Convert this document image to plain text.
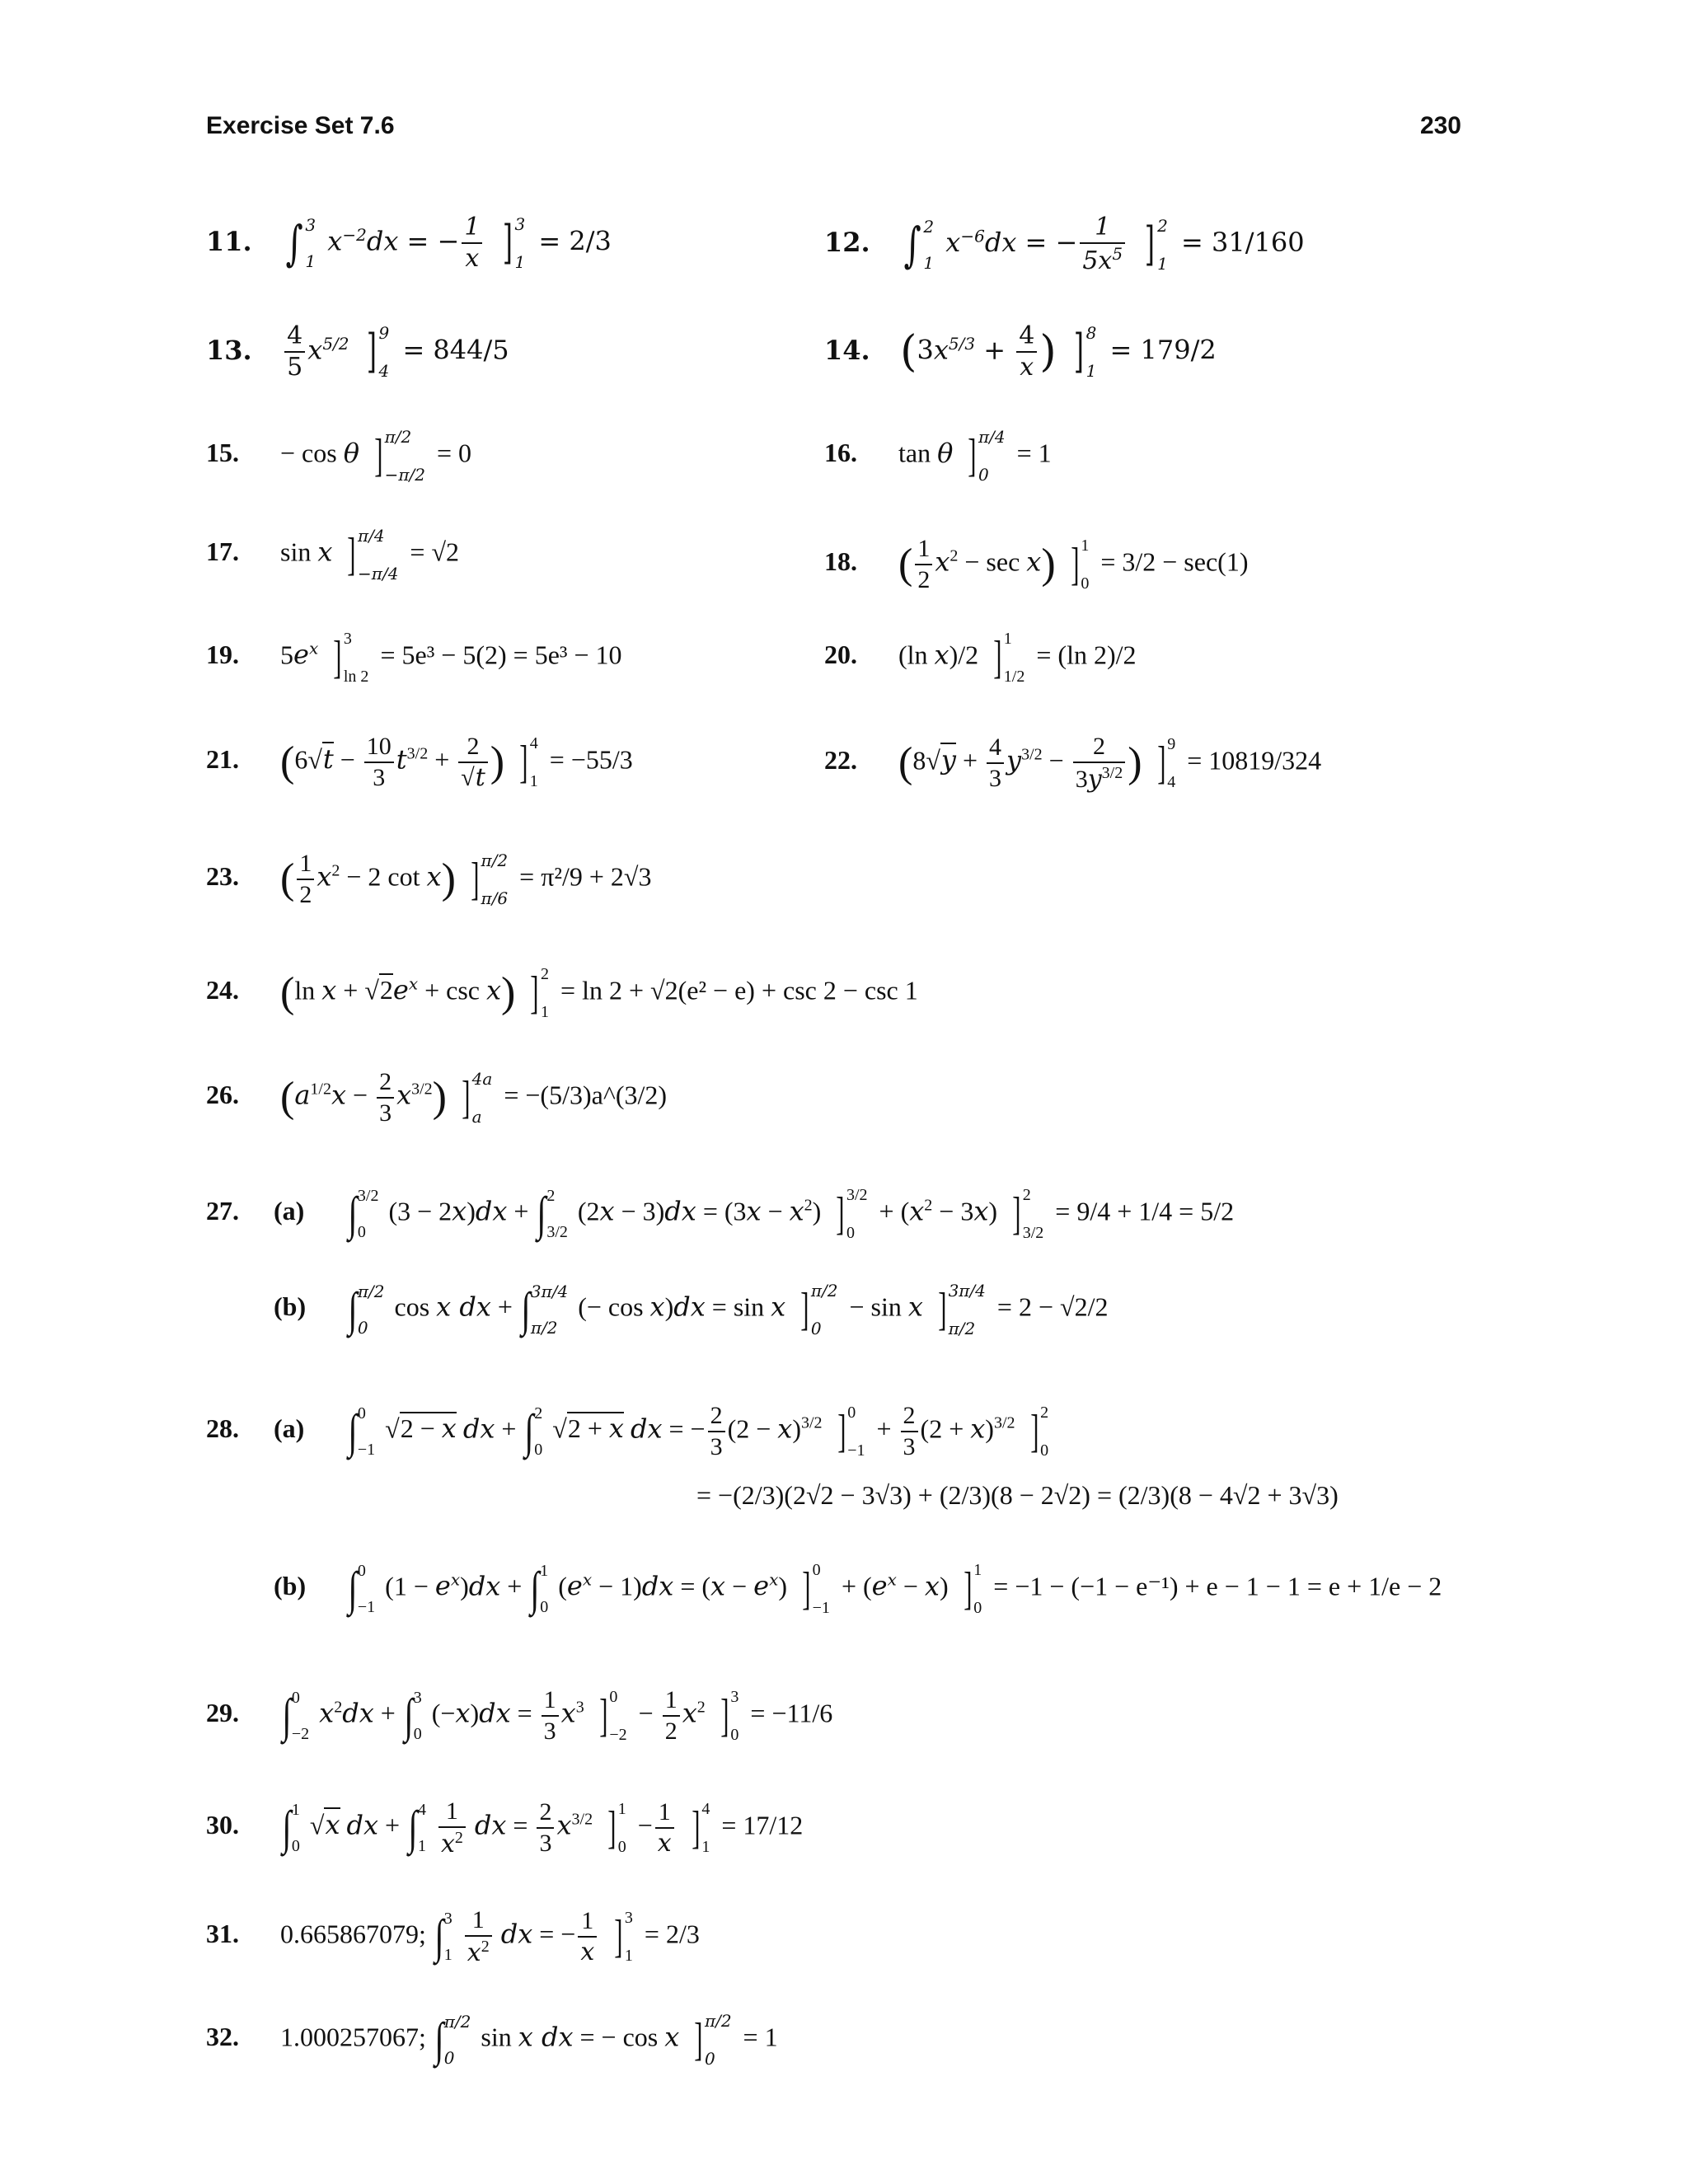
Exercise Set 7.6	230
11. ∫ 3
1
$x^{-2}dx$ = − $\frac{1}{x}$
] 3
1
= 2/3	12. ∫ 2
1
$x^{-6}dx$ = − $\frac{1}{5x^5}$
] 2
1
= 31/160
13. $\frac{4}{5} x^{5/2}$ ] 9
4
= 844/5	14. ($3x^{5/3} + \frac{4}{x}$ ) ] 8
1
= 179/2
15. − cos θ ] π/2
−π/2
= 0	16. tan θ ] π/4
0
= 1
17. sin x ] π/4
−π/4
= √2	18. ( $\frac{1}{2} x^2 - \sec x$) ] 1
0
= 3/2 − sec(1)
19. $5e^x$ ] 3
ln 2
= 5e³ − 5(2) = 5e³ − 10	20. (ln x)/2 ] 1
1/2
= (ln 2)/2
21. ($6√t - \frac{10}{3} t^{3/2} + \frac{2}{√t}$ ) ] 4
1
= −55/3	22. ($8√y + \frac{4}{3} y^{3/2} - \frac{2}{3y^{3/2}}$ ) ] 9
4
= 10819/324
23. ( $\frac{1}{2} x^2 - 2$ cot x) ] π/2
π/6
= π²/9 + 2√3
24. (ln $x + √2e^x + \csc x$) ] 2
1
= ln 2 + √2(e² − e) + csc 2 − csc 1
26. $(a^{1/2}x - \frac{2}{3} x^{3/2})$ ] 4a
a
= −(5/3)a^(3/2)
27. (a) ∫ 3/2
0
(3 − 2x)dx + ∫ 2
3/2
$(2x - 3)dx = (3x - x^2)$ ] 3/2
0
+ $(x^2 - 3x)$ ] 2
3/2
= 9/4 + 1/4 = 5/2
(b) ∫ π/2
0
cos x dx + ∫ 3π/4
π/2
(− cos x)dx = sin x ] π/2
0
− sin x ] 3π/4
π/2
= 2 − √2/2
28. (a) ∫ 0
−1
√2 − x dx + ∫ 2
0
√2 + x dx = − $\frac{2}{3} (2 - x)^{3/2}$ ] 0
−1
+ $\frac{2}{3} (2 + x)^{3/2}$ ] 2
0
= −(2/3)(2√2 − 3√3) + (2/3)(8 − 2√2) = (2/3)(8 − 4√2 + 3√3)
(b) ∫ 0
−1
$(1 - e^x)dx$ + ∫ 1
0
$(e^x - 1)dx = (x - e^x)$ ] 0
−1
+ $(e^x - x)$ ] 1
0
= −1 − (−1 − e⁻¹) + e − 1 − 1 = e + 1/e − 2
29. ∫ 0
−2
$x^2dx$ + ∫ 3
0
$(-x)dx = \frac{1}{3} x^3$ ] 0
−2
− $\frac{1}{2} x^2$ ] 3
0
= −11/6
30. ∫ 1
0
√x dx + ∫ 4
1
$\frac{1}{x^2}$ dx = $\frac{2}{3} x^{3/2}$ ] 1
0
− $\frac{1}{x}$
] 4
1
= 17/12
31. 0.665867079; ∫ 3
1
$\frac{1}{x^2}$ dx = − $\frac{1}{x}$
] 3
1
= 2/3
32. 1.000257067; ∫ π/2
0
sin x dx = − cos x ] π/2
0
= 1
